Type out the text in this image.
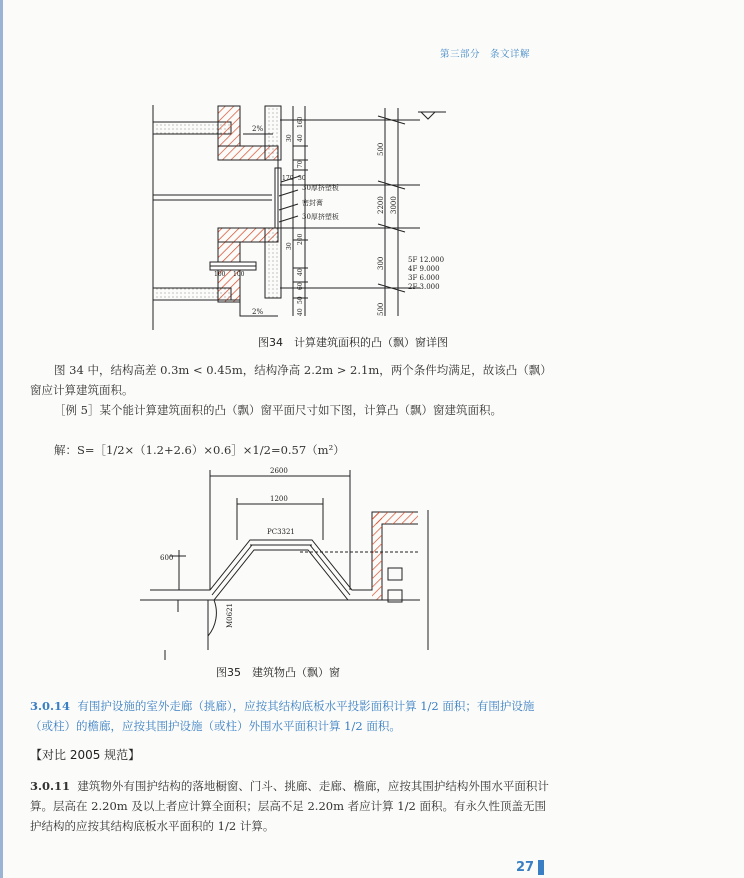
第三部分　条文详解
2%
2%
30厚挤塑板
密封膏
30厚挤塑板
170
100 100
160
40
30
70
30
200
30
40
60
50
40
500
2200 3000
300
500
5F 12.000
4F 9.000
3F 6.000
2F 3.000
2600
1200
PC3321
600
M0621
图34　计算建筑面积的凸（飘）窗详图
图 34 中，结构高差 0.3m < 0.45m，结构净高 2.2m > 2.1m，两个条件均满足，故该凸（飘）窗应计算建筑面积。
［例 5］某个能计算建筑面积的凸（飘）窗平面尺寸如下图，计算凸（飘）窗建筑面积。
解：S=［1/2×（1.2+2.6）×0.6］×1/2=0.57（m²）
图35　建筑物凸（飘）窗
3.0.14 有围护设施的室外走廊（挑廊），应按其结构底板水平投影面积计算 1/2 面积；有围护设施（或柱）的檐廊，应按其围护设施（或柱）外围水平面积计算 1/2 面积。
【对比 2005 规范】
3.0.11 建筑物外有围护结构的落地橱窗、门斗、挑廊、走廊、檐廊，应按其围护结构外围水平面积计算。层高在 2.20m 及以上者应计算全面积；层高不足 2.20m 者应计算 1/2 面积。有永久性顶盖无围护结构的应按其结构底板水平面积的 1/2 计算。
27
